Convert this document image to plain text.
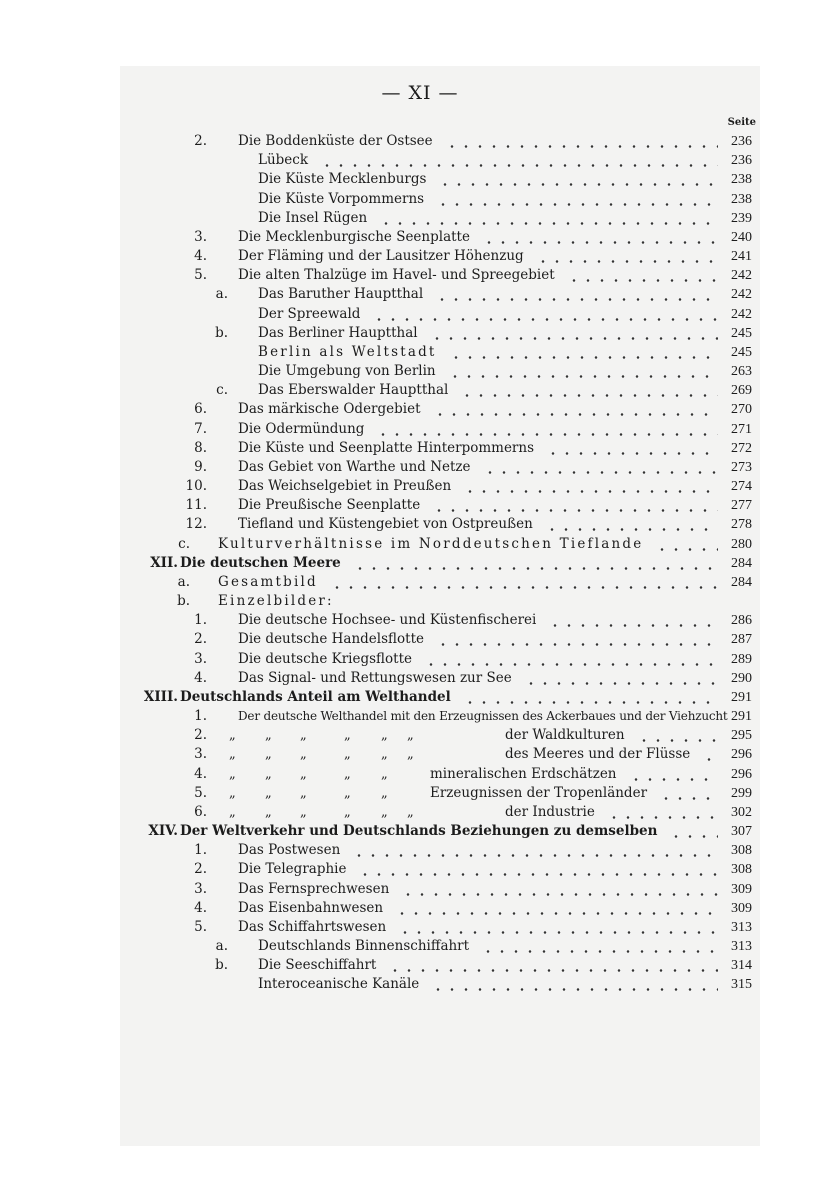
— XI —
Seite
2. Die Boddenküste der Ostsee	236
Lübeck	236
Die Küste Mecklenburgs	238
Die Küste Vorpommerns	238
Die Insel Rügen	239
3. Die Mecklenburgische Seenplatte	240
4. Der Fläming und der Lausitzer Höhenzug	241
5. Die alten Thalzüge im Havel- und Spreegebiet	242
a. Das Baruther Hauptthal	242
Der Spreewald	242
b. Das Berliner Hauptthal	245
Berlin als Weltstadt	245
Die Umgebung von Berlin	263
c. Das Eberswalder Hauptthal	269
6. Das märkische Odergebiet	270
7. Die Odermündung	271
8. Die Küste und Seenplatte Hinterpommerns	272
9. Das Gebiet von Warthe und Netze	273
10. Das Weichselgebiet in Preußen	274
11. Die Preußische Seenplatte	277
12. Tiefland und Küstengebiet von Ostpreußen	278
c. Kulturverhältnisse im Norddeutschen Tieflande	280
XII. Die deutschen Meere	284
a. Gesamtbild	284
b. Einzelbilder:
1. Die deutsche Hochsee- und Küstenfischerei	286
2. Die deutsche Handelsflotte	287
3. Die deutsche Kriegsflotte	289
4. Das Signal- und Rettungswesen zur See	290
XIII. Deutschlands Anteil am Welthandel	291
1.	Der deutsche Welthandel mit den Erzeugnissen des Ackerbaues und der Viehzucht 291
2. „ „ „	„ „ „	der Waldkulturen	295
3. „ „ „	„ „ „	des Meeres und der Flüsse	296
4. „ „ „	„ „	mineralischen Erdschätzen	296
5. „ „ „	„ „	Erzeugnissen der Tropenländer	299
6. „ „ „	„ „ „	der Industrie	302
XIV. Der Weltverkehr und Deutschlands Beziehungen zu demselben	307
1. Das Postwesen	308
2. Die Telegraphie	308
3. Das Fernsprechwesen	309
4. Das Eisenbahnwesen	309
5. Das Schiffahrtswesen	313
a. Deutschlands Binnenschiffahrt	313
b. Die Seeschiffahrt	314
Interoceanische Kanäle	315
